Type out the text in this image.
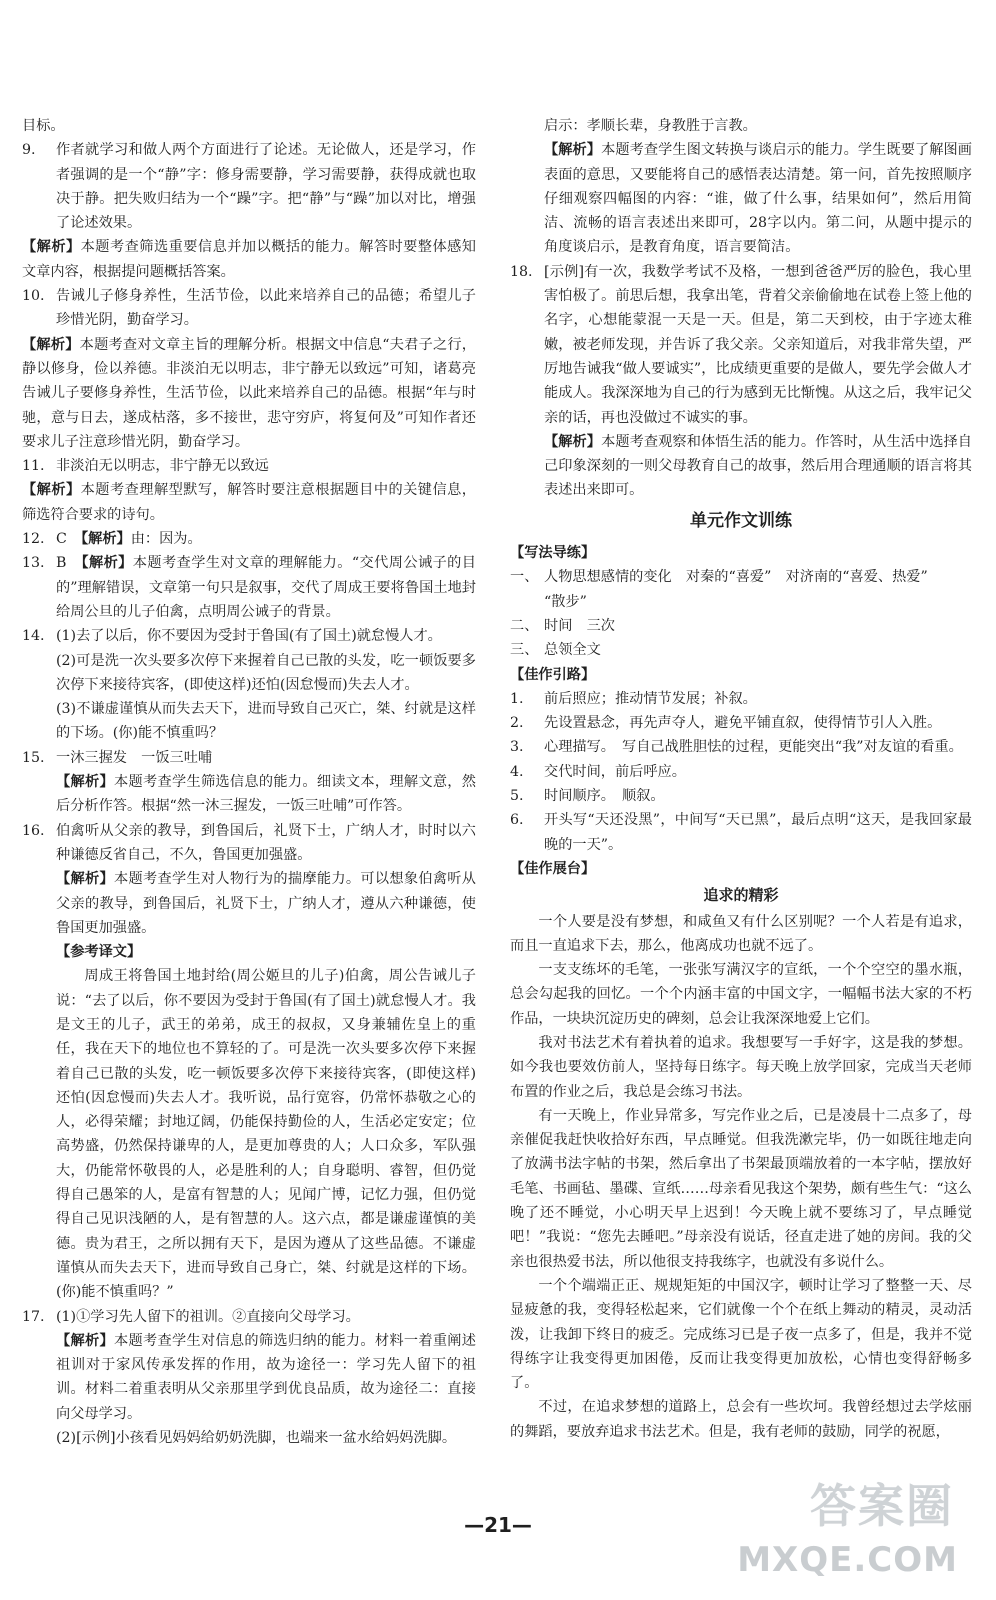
目标。

9.	作者就学习和做人两个方面进行了论述。无论做人，还是学习，作者强调的是一个“静”字：修身需要静，学习需要静，获得成就也取决于静。把失败归结为一个“躁”字。把“静”与“躁”加以对比，增强了论述效果。

【解析】本题考查筛选重要信息并加以概括的能力。解答时要整体感知文章内容，根据提问题概括答案。

10. 告诫儿子修身养性，生活节俭，以此来培养自己的品德；希望儿子珍惜光阴，勤奋学习。

【解析】本题考查对文章主旨的理解分析。根据文中信息“夫君子之行，静以修身，俭以养德。非淡泊无以明志，非宁静无以致远”可知，诸葛亮告诫儿子要修身养性，生活节俭，以此来培养自己的品德。根据“年与时驰，意与日去，遂成枯落，多不接世，悲守穷庐，将复何及”可知作者还要求儿子注意珍惜光阴，勤奋学习。

11. 非淡泊无以明志，非宁静无以致远

【解析】本题考查理解型默写，解答时要注意根据题目中的关键信息，筛选符合要求的诗句。

12. C　 【解析】由：因为。

13. B　 【解析】本题考查学生对文章的理解能力。“交代周公诫子的目的”理解错误，文章第一句只是叙事，交代了周成王要将鲁国土地封给周公旦的儿子伯禽，点明周公诫子的背景。

14. (1)去了以后，你不要因为受封于鲁国(有了国土)就怠慢人才。

(2)可是洗一次头要多次停下来握着自己已散的头发，吃一顿饭要多次停下来接待宾客，(即使这样)还怕(因怠慢而)失去人才。

(3)不谦虚谨慎从而失去天下，进而导致自己灭亡，桀、纣就是这样的下场。(你)能不慎重吗？

15. 一沐三握发　一饭三吐哺

【解析】本题考查学生筛选信息的能力。细读文本，理解文意，然后分析作答。根据“然一沐三握发，一饭三吐哺”可作答。

16. 伯禽听从父亲的教导，到鲁国后，礼贤下士，广纳人才，时时以六种谦德反省自己，不久，鲁国更加强盛。

【解析】本题考查学生对人物行为的揣摩能力。可以想象伯禽听从父亲的教导，到鲁国后，礼贤下士，广纳人才，遵从六种谦德，使鲁国更加强盛。

【参考译文】

周成王将鲁国土地封给(周公姬旦的儿子)伯禽，周公告诫儿子说：“去了以后，你不要因为受封于鲁国(有了国土)就怠慢人才。我是文王的儿子，武王的弟弟，成王的叔叔，又身兼辅佐皇上的重任，我在天下的地位也不算轻的了。可是洗一次头要多次停下来握着自己已散的头发，吃一顿饭要多次停下来接待宾客，(即使这样)还怕(因怠慢而)失去人才。我听说，品行宽容，仍常怀恭敬之心的人，必得荣耀；封地辽阔，仍能保持勤俭的人，生活必定安定；位高势盛，仍然保持谦卑的人，是更加尊贵的人；人口众多，军队强大，仍能常怀敬畏的人，必是胜利的人；自身聪明、睿智，但仍觉得自己愚笨的人，是富有智慧的人；见闻广博，记忆力强，但仍觉得自己见识浅陋的人，是有智慧的人。这六点，都是谦虚谨慎的美德。贵为君王，之所以拥有天下，是因为遵从了这些品德。不谦虚谨慎从而失去天下，进而导致自己身亡，桀、纣就是这样的下场。(你)能不慎重吗？”

17. (1)①学习先人留下的祖训。②直接向父母学习。

【解析】本题考查学生对信息的筛选归纳的能力。材料一着重阐述祖训对于家风传承发挥的作用，故为途径一：学习先人留下的祖训。材料二着重表明从父亲那里学到优良品质，故为途径二：直接向父母学习。

(2)[示例]小孩看见妈妈给奶奶洗脚，也端来一盆水给妈妈洗脚。

启示：孝顺长辈，身教胜于言教。

【解析】本题考查学生图文转换与谈启示的能力。学生既要了解图画表面的意思，又要能将自己的感悟表达清楚。第一问，首先按照顺序仔细观察四幅图的内容：“谁，做了什么事，结果如何”，然后用简洁、流畅的语言表述出来即可，28字以内。第二问，从题中提示的角度谈启示，是教育角度，语言要简洁。

18. [示例]有一次，我数学考试不及格，一想到爸爸严厉的脸色，我心里害怕极了。前思后想，我拿出笔，背着父亲偷偷地在试卷上签上他的名字，心想能蒙混一天是一天。但是，第二天到校，由于字迹太稚嫩，被老师发现，并告诉了我父亲。父亲知道后，对我非常失望，严厉地告诫我“做人要诚实”，比成绩更重要的是做人，要先学会做人才能成人。我深深地为自己的行为感到无比惭愧。从这之后，我牢记父亲的话，再也没做过不诚实的事。

【解析】本题考查观察和体悟生活的能力。作答时，从生活中选择自己印象深刻的一则父母教育自己的故事，然后用合理通顺的语言将其表述出来即可。

单元作文训练

【写法导练】

一、 人物思想感情的变化　对秦的“喜爱”　对济南的“喜爱、热爱”

“散步”

二、 时间　三次

三、 总领全文

【佳作引路】

1.	前后照应；推动情节发展；补叙。

2.	先设置悬念，再先声夺人，避免平铺直叙，使得情节引人入胜。

3.	心理描写。　写自己战胜胆怯的过程，更能突出“我”对友谊的看重。

4.	交代时间，前后呼应。

5.	时间顺序。　顺叙。

6.	开头写“天还没黑”，中间写“天已黑”，最后点明“这天，是我回家最晚的一天”。

【佳作展台】

追求的精彩

一个人要是没有梦想，和咸鱼又有什么区别呢？一个人若是有追求，而且一直追求下去，那么，他离成功也就不远了。

一支支练坏的毛笔，一张张写满汉字的宣纸，一个个空空的墨水瓶，总会勾起我的回忆。一个个内涵丰富的中国文字，一幅幅书法大家的不朽作品，一块块沉淀历史的碑刻，总会让我深深地爱上它们。

我对书法艺术有着执着的追求。我想要写一手好字，这是我的梦想。如今我也要效仿前人，坚持每日练字。每天晚上放学回家，完成当天老师布置的作业之后，我总是会练习书法。

有一天晚上，作业异常多，写完作业之后，已是凌晨十二点多了，母亲催促我赶快收拾好东西，早点睡觉。但我洗漱完毕，仍一如既往地走向了放满书法字帖的书架，然后拿出了书架最顶端放着的一本字帖，摆放好毛笔、书画毡、墨碟、宣纸……母亲看见我这个架势，颇有些生气：“这么晚了还不睡觉，小心明天早上迟到！今天晚上就不要练习了，早点睡觉吧！”我说：“您先去睡吧。”母亲没有说话，径直走进了她的房间。我的父亲也很热爱书法，所以他很支持我练字，也就没有多说什么。

一个个端端正正、规规矩矩的中国汉字，顿时让学习了整整一天、尽显疲惫的我，变得轻松起来，它们就像一个个在纸上舞动的精灵，灵动活泼，让我卸下终日的疲乏。完成练习已是子夜一点多了，但是，我并不觉得练字让我变得更加困倦，反而让我变得更加放松，心情也变得舒畅多了。

不过，在追求梦想的道路上，总会有一些坎坷。我曾经想过去学炫丽的舞蹈，要放弃追求书法艺术。但是，我有老师的鼓励，同学的祝愿，

—21—	答案圈
MXQE.COM
